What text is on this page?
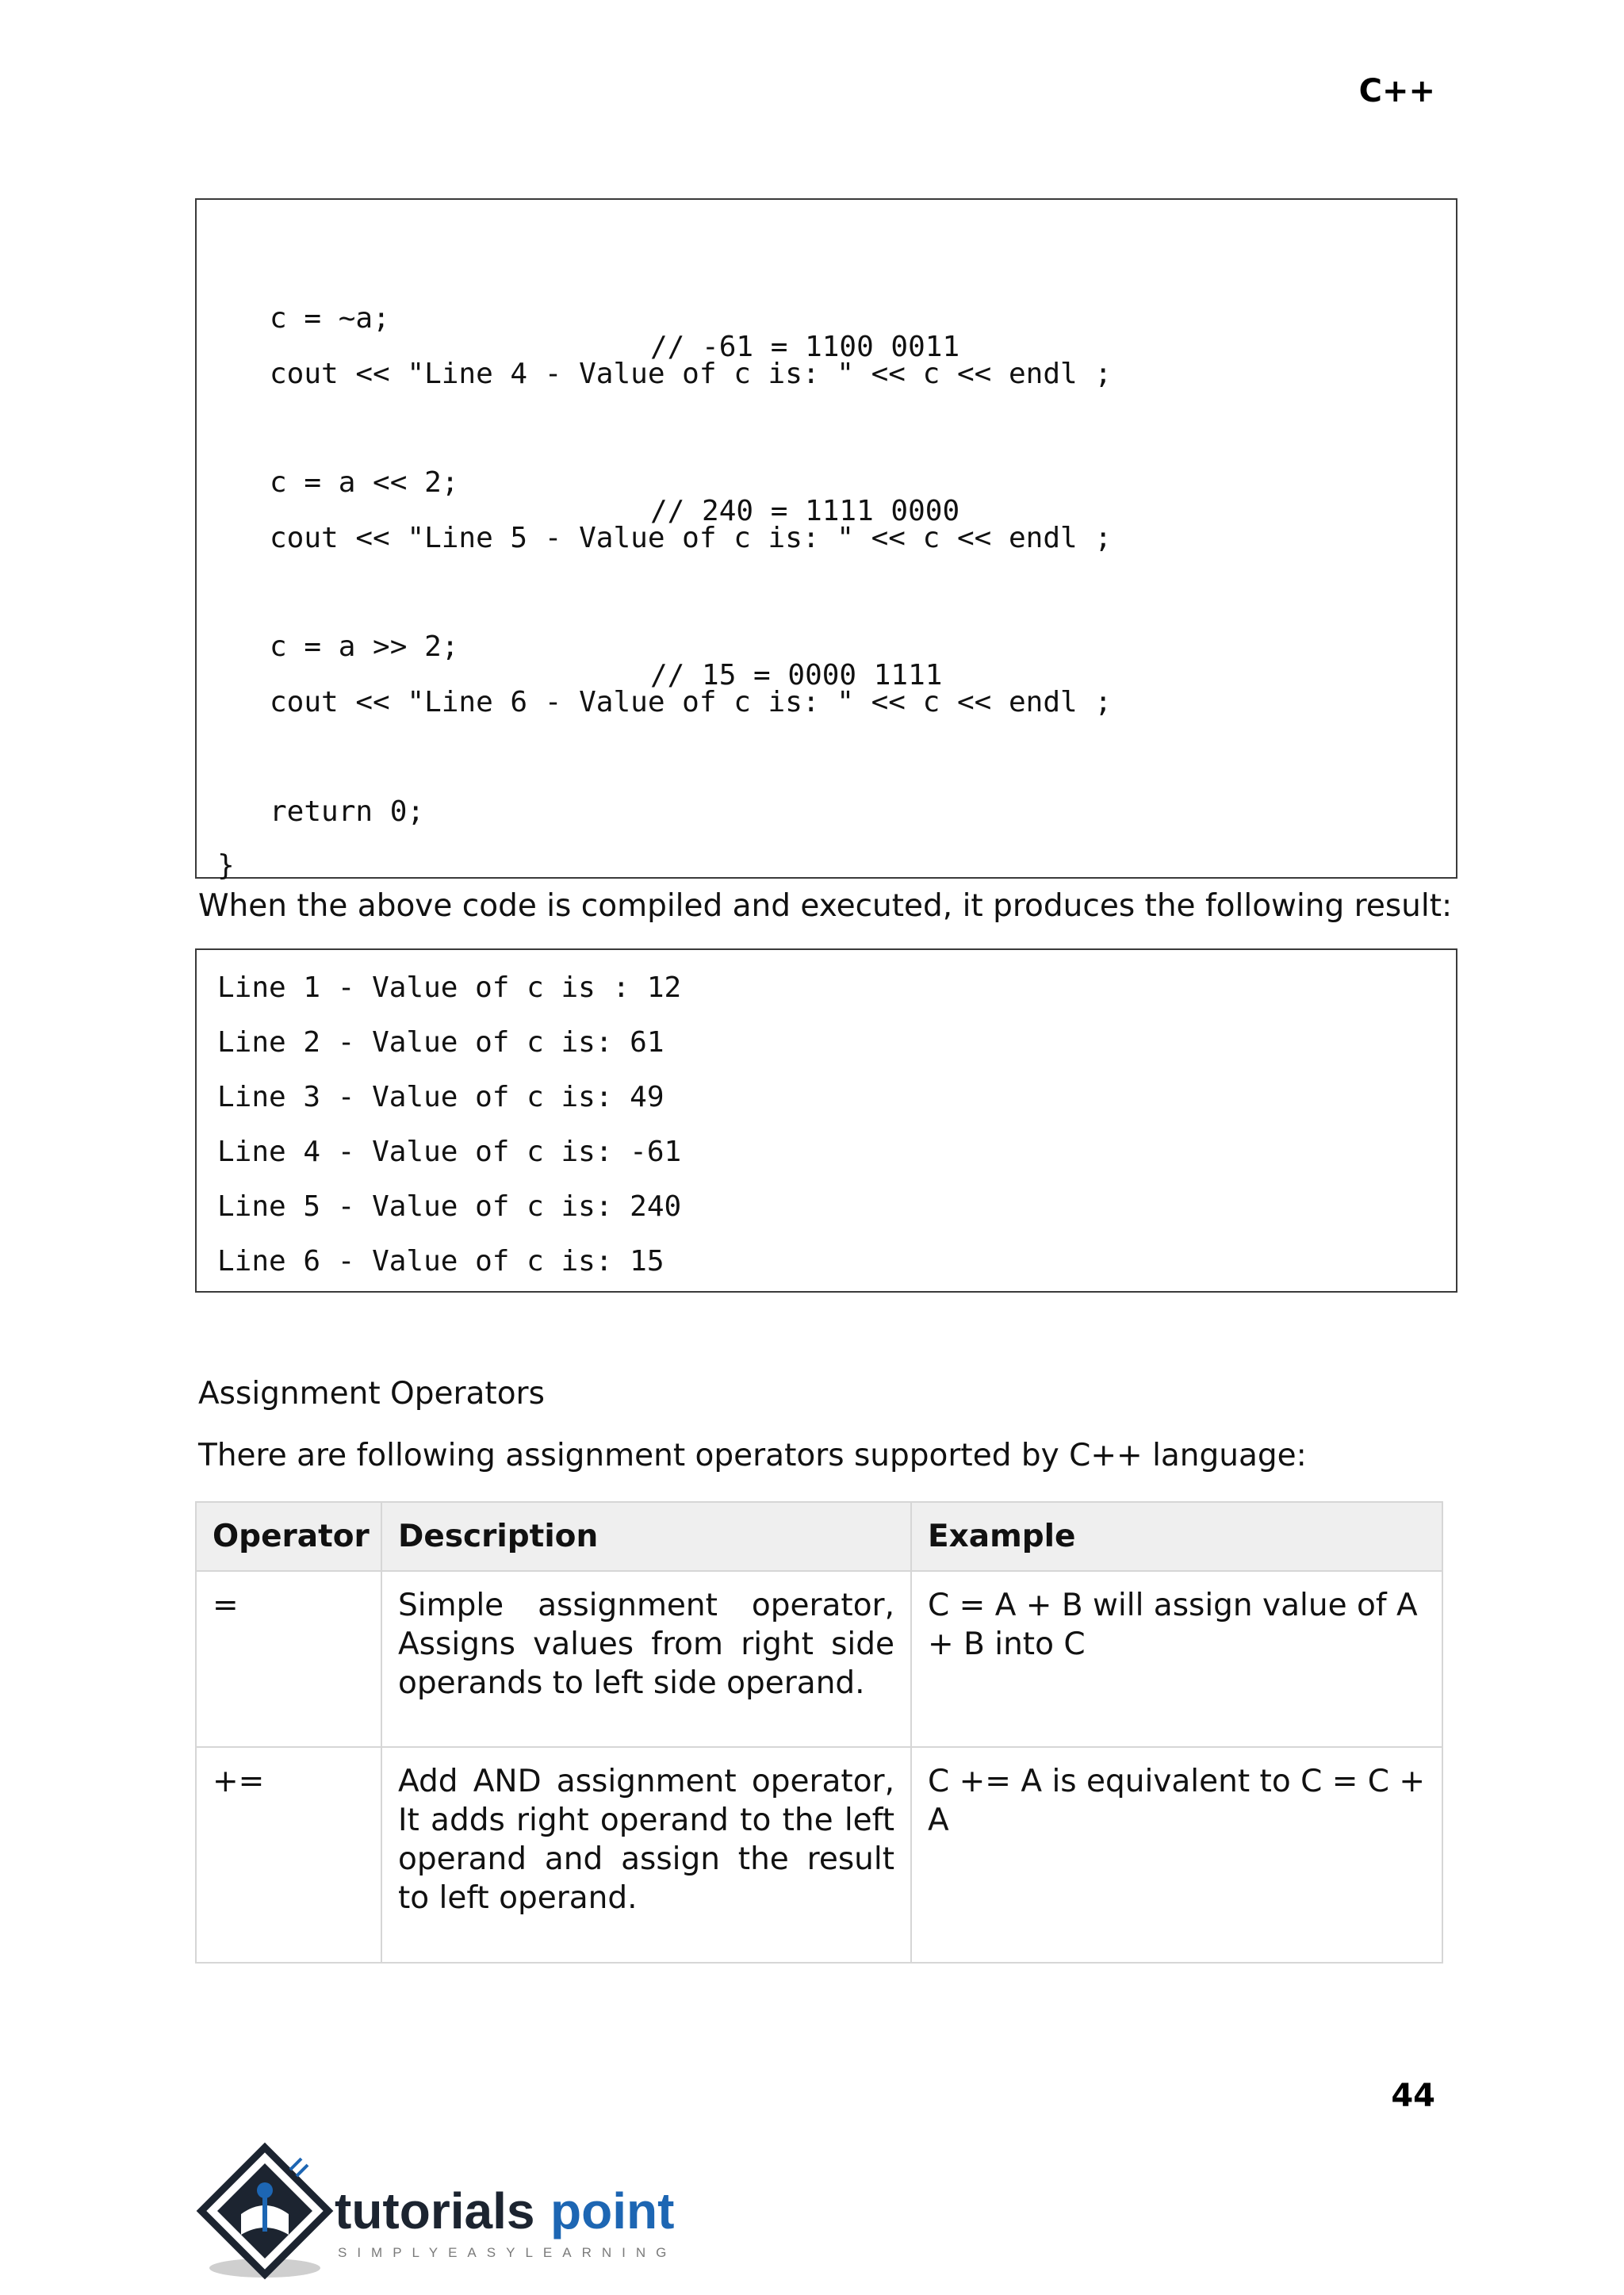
C++

c = ~a;

// -61 = 1100 0011

cout << "Line 4 - Value of c is: " << c << endl ;

c = a << 2;

// 240 = 1111 0000

cout << "Line 5 - Value of c is: " << c << endl ;

c = a >> 2;

// 15 = 0000 1111

cout << "Line 6 - Value of c is: " << c << endl ;

return 0;

}

When the above code is compiled and executed, it produces the following result:
Line 1 - Value of c is : 12
Line 2 - Value of c is: 61
Line 3 - Value of c is: 49
Line 4 - Value of c is: -61
Line 5 - Value of c is: 240
Line 6 - Value of c is: 15
Assignment Operators
There are following assignment operators supported by C++ language:
Operator	Description	Example
=	Simple assignment operator, Assigns values from right side operands to left side operand.	C = A + B will assign value of A + B into C
+=	Add AND assignment operator, It adds right operand to the left operand and assign the result to left operand.	C += A is equivalent to C = C + A
44
tutorials point
SIMPLYEASYLEARNING
